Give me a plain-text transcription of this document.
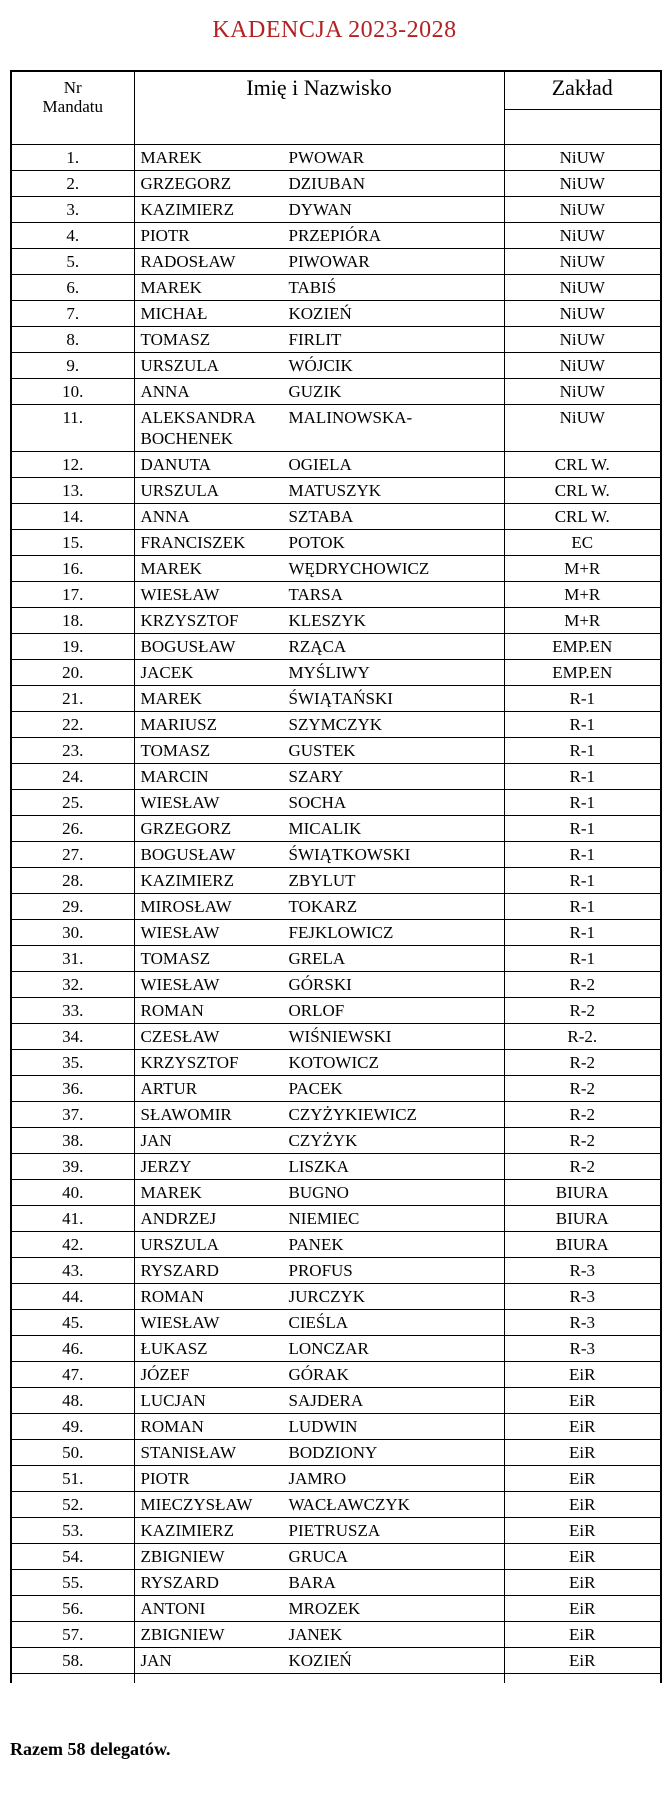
KADENCJA 2023-2028
Nr
Mandatu	Imię i Nazwisko	Zakład

1.	MAREK PWOWAR	NiUW
2.	GRZEGORZ DZIUBAN	NiUW
3.	KAZIMIERZ DYWAN	NiUW
4.	PIOTR PRZEPIÓRA	NiUW
5.	RADOSŁAW PIWOWAR	NiUW
6.	MAREK TABIŚ	NiUW
7.	MICHAŁ KOZIEŃ	NiUW
8.	TOMASZ FIRLIT	NiUW
9.	URSZULA WÓJCIK	NiUW
10.	ANNA GUZIK	NiUW
11.	ALEKSANDRA MALINOWSKA-BOCHENEK	NiUW
12.	DANUTA OGIELA	CRL W.
13.	URSZULA MATUSZYK	CRL W.
14.	ANNA SZTABA	CRL W.
15.	FRANCISZEK POTOK	EC
16.	MAREK WĘDRYCHOWICZ	M+R
17.	WIESŁAW TARSA	M+R
18.	KRZYSZTOF KLESZYK	M+R
19.	BOGUSŁAW RZĄCA	EMP.EN
20.	JACEK MYŚLIWY	EMP.EN
21.	MAREK ŚWIĄTAŃSKI	R-1
22.	MARIUSZ SZYMCZYK	R-1
23.	TOMASZ GUSTEK	R-1
24.	MARCIN SZARY	R-1
25.	WIESŁAW SOCHA	R-1
26.	GRZEGORZ MICALIK	R-1
27.	BOGUSŁAW ŚWIĄTKOWSKI	R-1
28.	KAZIMIERZ ZBYLUT	R-1
29.	MIROSŁAW TOKARZ	R-1
30.	WIESŁAW FEJKLOWICZ	R-1
31.	TOMASZ GRELA	R-1
32.	WIESŁAW GÓRSKI	R-2
33.	ROMAN ORLOF	R-2
34.	CZESŁAW WIŚNIEWSKI	R-2.
35.	KRZYSZTOF KOTOWICZ	R-2
36.	ARTUR PACEK	R-2
37.	SŁAWOMIR CZYŻYKIEWICZ	R-2
38.	JAN CZYŻYK	R-2
39.	JERZY LISZKA	R-2
40.	MAREK BUGNO	BIURA
41.	ANDRZEJ NIEMIEC	BIURA
42.	URSZULA PANEK	BIURA
43.	RYSZARD PROFUS	R-3
44.	ROMAN JURCZYK	R-3
45.	WIESŁAW CIEŚLA	R-3
46.	ŁUKASZ LONCZAR	R-3
47.	JÓZEF GÓRAK	EiR
48.	LUCJAN SAJDERA	EiR
49.	ROMAN LUDWIN	EiR
50.	STANISŁAW BODZIONY	EiR
51.	PIOTR JAMRO	EiR
52.	MIECZYSŁAW WACŁAWCZYK	EiR
53.	KAZIMIERZ PIETRUSZA	EiR
54.	ZBIGNIEW GRUCA	EiR
55.	RYSZARD BARA	EiR
56.	ANTONI MROZEK	EiR
57.	ZBIGNIEW JANEK	EiR
58.	JAN KOZIEŃ	EiR

Razem 58 delegatów.
